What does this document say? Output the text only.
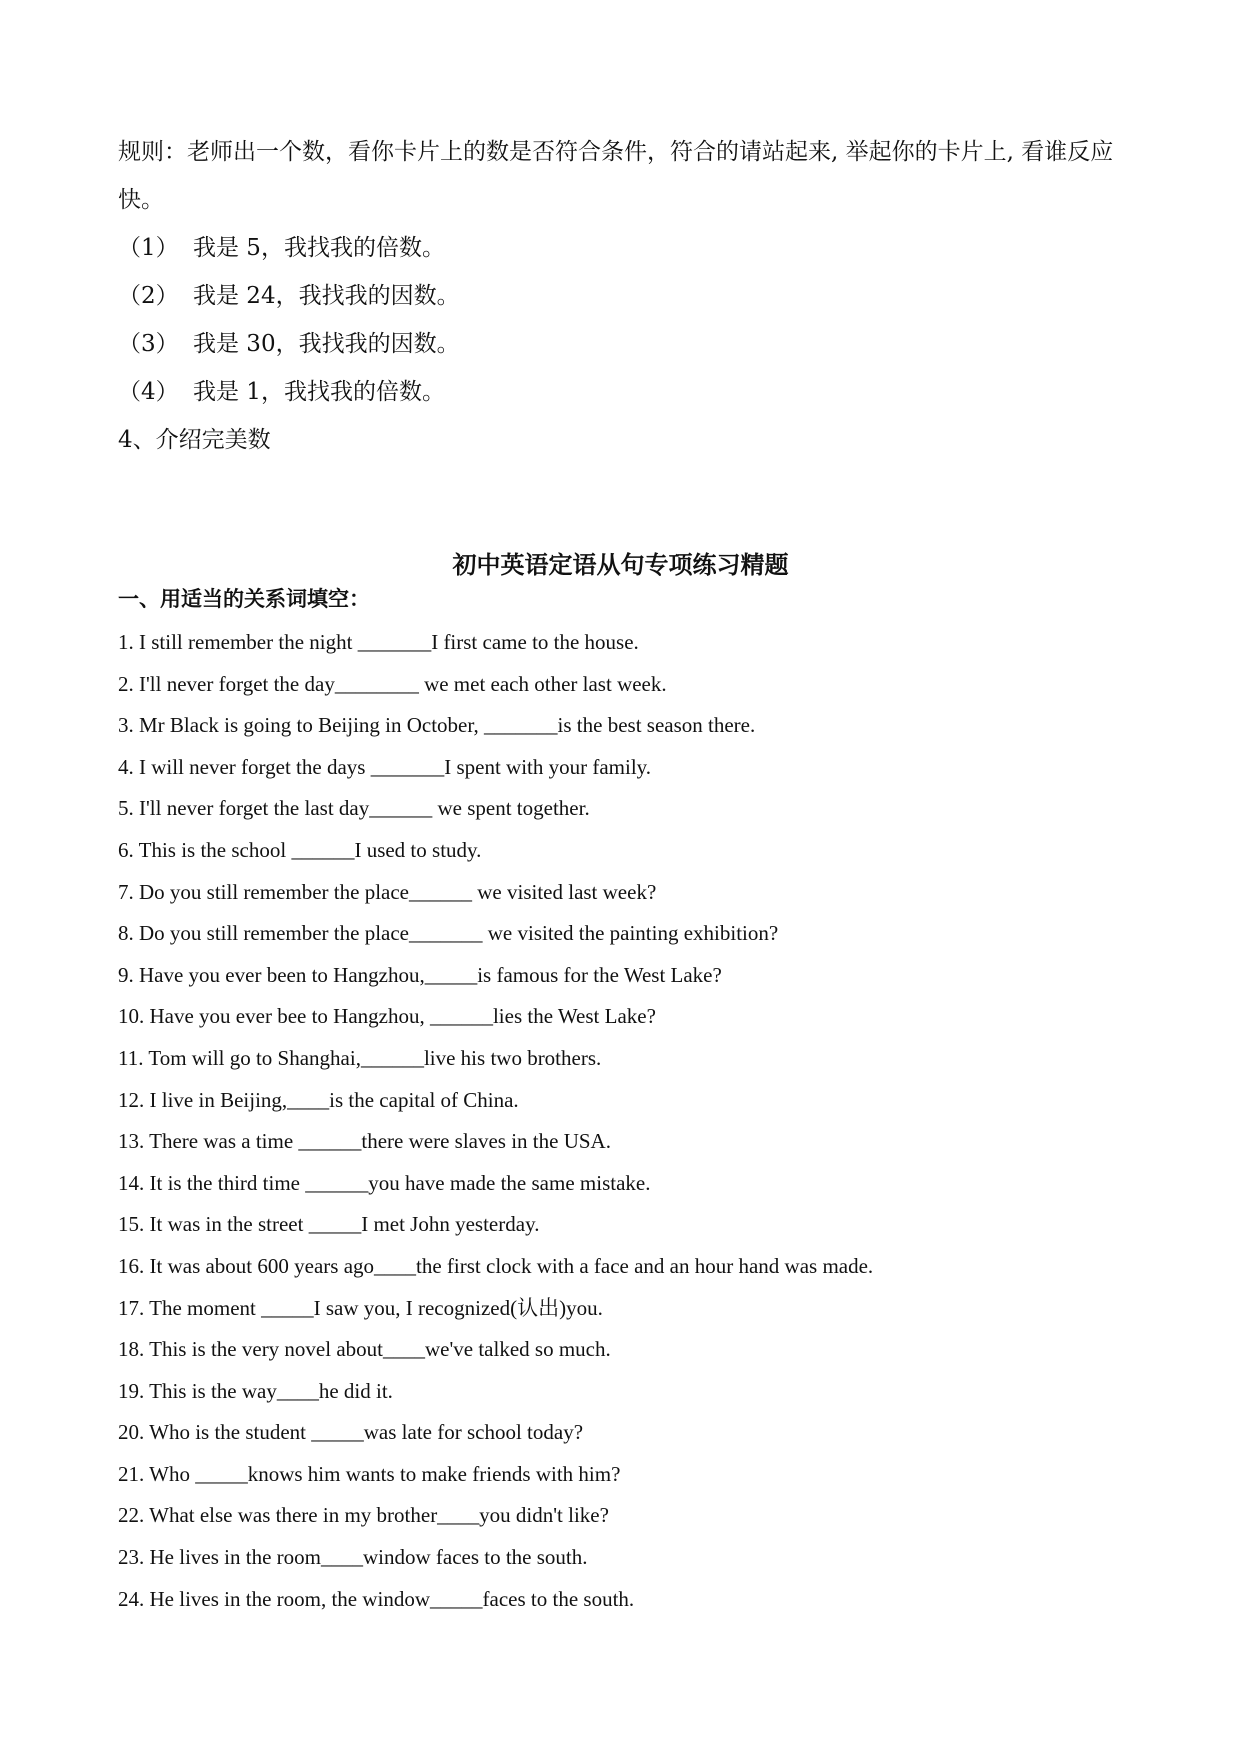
规则：老师出一个数，看你卡片上的数是否符合条件，符合的请站起来, 举起你的卡片上, 看谁反应快。

（1） 我是 5，我找我的倍数。
（2） 我是 24，我找我的因数。
（3） 我是 30，我找我的因数。
（4） 我是 1，我找我的倍数。

4、介绍完美数

初中英语定语从句专项练习精题
一、用适当的关系词填空：
1. I still remember the night _______I first came to the house.
2. I'll never forget the day________ we met each other last week.
3. Mr Black is going to Beijing in October, _______is the best season there.
4. I will never forget the days _______I spent with your family.
5. I'll never forget the last day______ we spent together.
6. This is the school ______I used to study.
7. Do you still remember the place______ we visited last week?
8. Do you still remember the place_______ we visited the painting exhibition?
9. Have you ever been to Hangzhou,_____is famous for the West Lake?
10. Have you ever bee to Hangzhou, ______lies the West Lake?
11. Tom will go to Shanghai,______live his two brothers.
12. I live in Beijing,____is the capital of China.
13. There was a time ______there were slaves in the USA.
14. It is the third time ______you have made the same mistake.
15. It was in the street _____I met John yesterday.
16. It was about 600 years ago____the first clock with a face and an hour hand was made.
17. The moment _____I saw you, I recognized(认出)you.
18. This is the very novel about____we've talked so much.
19. This is the way____he did it.
20. Who is the student _____was late for school today?
21. Who _____knows him wants to make friends with him?
22. What else was there in my brother____you didn't like?
23. He lives in the room____window faces to the south.
24. He lives in the room, the window_____faces to the south.
